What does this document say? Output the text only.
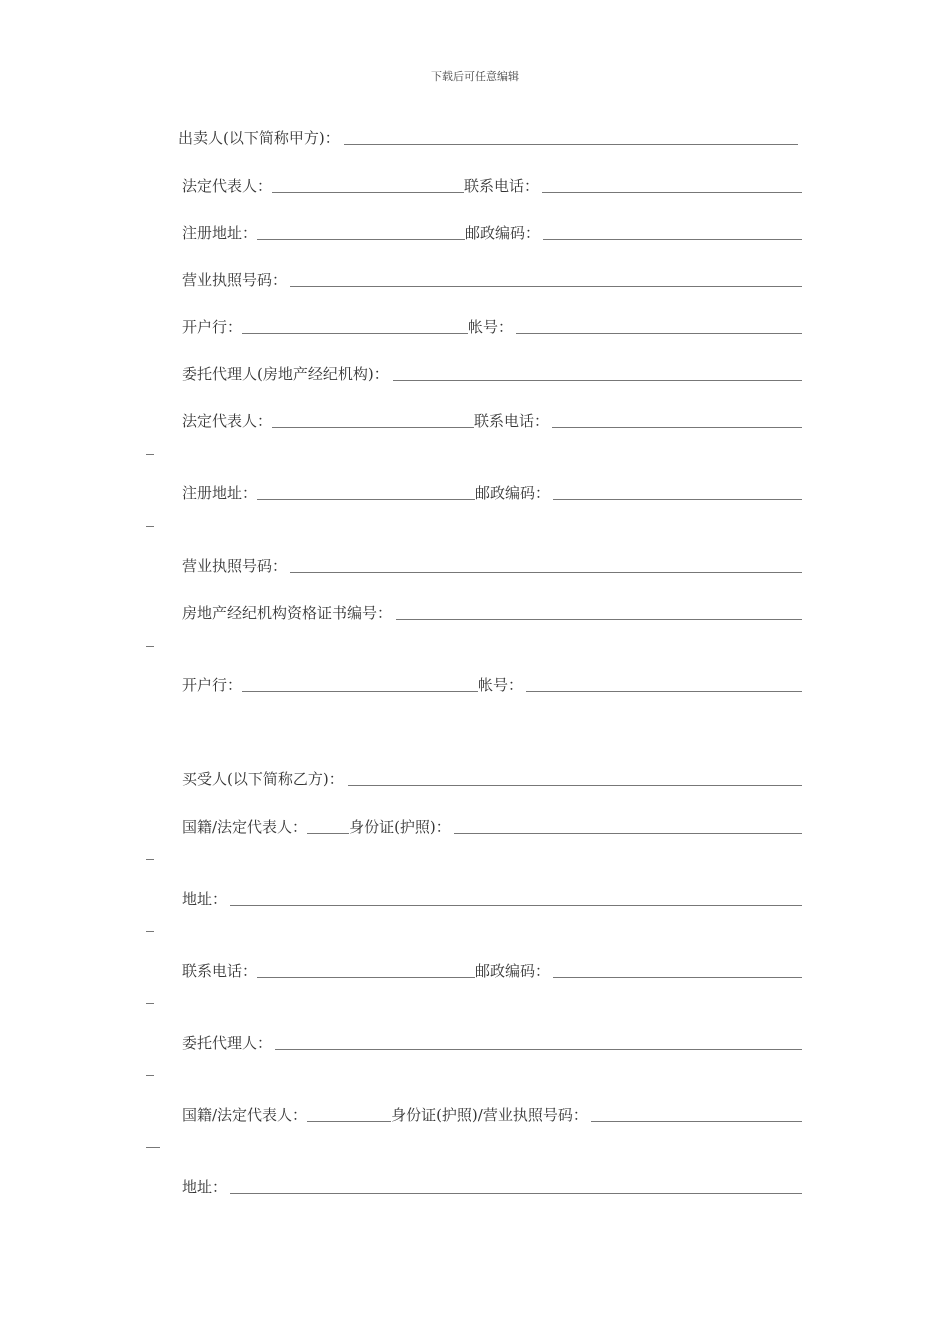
下载后可任意编辑
出卖人(以下简称甲方)：
法定代表人：	联系电话：
注册地址：	邮政编码：
营业执照号码：
开户行：	帐号：
委托代理人(房地产经纪机构)：
法定代表人：	联系电话：
注册地址：	邮政编码：
营业执照号码：
房地产经纪机构资格证书编号：
开户行：	帐号：
买受人(以下简称乙方)：
国籍/法定代表人：	身份证(护照)：
地址：
联系电话：	邮政编码：
委托代理人：
国籍/法定代表人：	身份证(护照)/营业执照号码：
地址：
